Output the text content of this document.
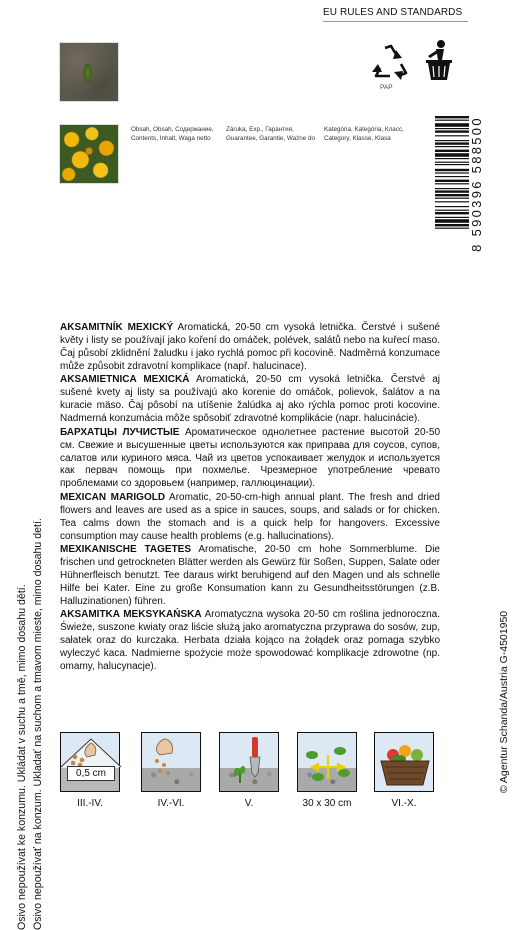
Osivo nepoužívat ke konzumu. Ukládat v suchu a tmě, mimo dosahu dětí. Osivo nepoužívať na konzum. Ukladať na suchom a tmavom mieste, mimo dosahu detí.
Obsah, Obsah, Содержание,
Contents, Inhalt, Waga netto
Záruka, Exp., Гарантия,
Guarantee, Garantie, Ważne do
Kategória, Kategória, Класс,
Category, Klasse, Klasa
EU RULES AND STANDARDS
PAP
8 590396 588500
© Agentur Schanda/Austria G-4501950

AKSAMITNÍK MEXICKÝ Aromatická, 20-50 cm vysoká letnička. Čerstvé i sušené květy i listy se používají jako koření do omáček, polévek, salátů nebo na kuřecí maso. Čaj působí zklidnění žaludku i jako rychlá pomoc při kocovině. Nadměrná konzumace může způsobit zdravotní komplikace (např. halucinace).

AKSAMIETNICA MEXICKÁ Aromatická, 20-50 cm vysoká letnička. Čerstvé aj sušené kvety aj listy sa používajú ako korenie do omáčok, polievok, šalátov a na kuracie mäso. Čaj pôsobí na utíšenie žalúdka aj ako rýchla pomoc proti kocovine. Nadmerná konzumácia môže spôsobiť zdravotné komplikácie (napr. halucinácie).

БАРХАТЦЫ ЛУЧИСТЫЕ Ароматическое однолетнее растение высотой 20-50 см. Свежие и высушенные цветы используются как приправа для соусов, супов, салатов или куриного мяса. Чай из цветов успокаивает желудок и используется как первач помощь при похмелье. Чрезмерное употребление чревато проблемами со здоровьем (например, галлюцинации).

MEXICAN MARIGOLD Aromatic, 20-50-cm-high annual plant. The fresh and dried flowers and leaves are used as a spice in sauces, soups, and salads or for chicken. Tea calms down the stomach and is a quick help for hangovers. Excessive consumption may cause health problems (e.g. hallucinations).

MEXIKANISCHE TAGETES Aromatische, 20-50 cm hohe Sommerblume. Die frischen und getrockneten Blätter werden als Gewürz für Soßen, Suppen, Salate oder Hühnerfleisch benutzt. Tee daraus wirkt beruhigend auf den Magen und als schnelle Hilfe bei Kater. Eine zu große Konsumation kann zu Gesundheitsstörungen (z.B. Halluzinationen) führen.

AKSAMITKA MEKSYKAŃSKA Aromatyczna wysoka 20-50 cm roślina jednoroczna. Świeże, suszone kwiaty oraz liście służą jako aromatyczna przyprawa do sosów, zup, sałatek oraz do kurczaka. Herbata działa kojąco na żołądek oraz pomaga szybko wyleczyć kaca. Nadmierne spożycie może spowodować komplikacje zdrowotne (np. omamy, halucynacje).

0,5 cm
III.-IV.	IV.-VI.	V.	30 x 30 cm	VI.-X.
